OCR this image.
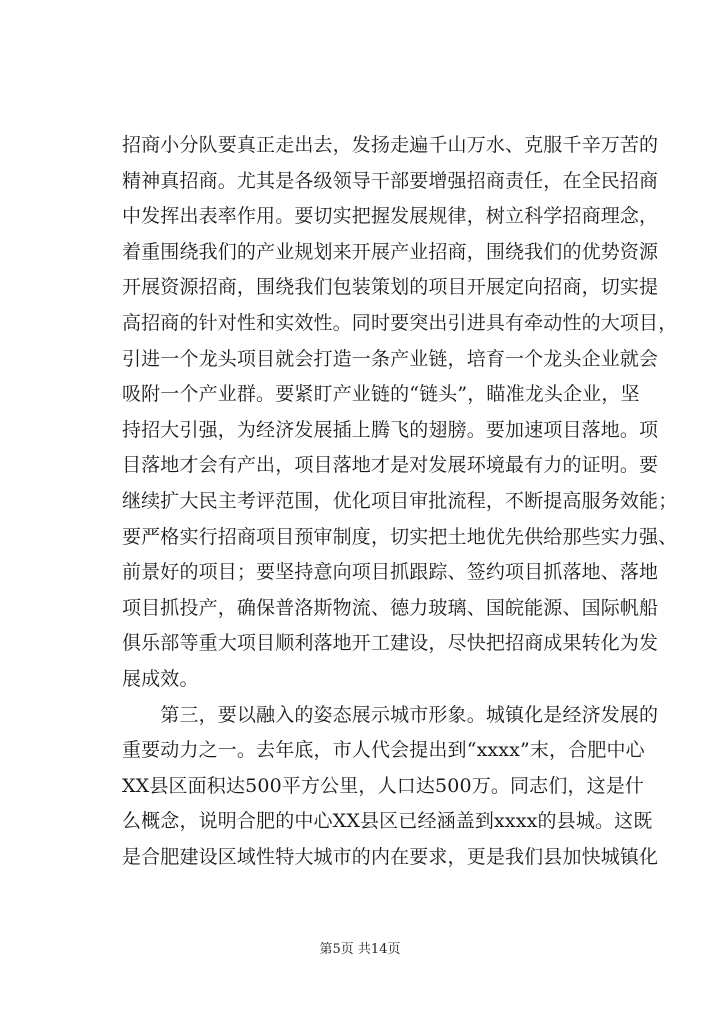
招商小分队要真正走出去，发扬走遍千山万水、克服千辛万苦的
精神真招商。尤其是各级领导干部要增强招商责任，在全民招商
中发挥出表率作用。要切实把握发展规律，树立科学招商理念，
着重围绕我们的产业规划来开展产业招商，围绕我们的优势资源
开展资源招商，围绕我们包装策划的项目开展定向招商，切实提
高招商的针对性和实效性。同时要突出引进具有牵动性的大项目，
引进一个龙头项目就会打造一条产业链，培育一个龙头企业就会
吸附一个产业群。要紧盯产业链的“链头”，瞄准龙头企业，坚
持招大引强，为经济发展插上腾飞的翅膀。要加速项目落地。项
目落地才会有产出，项目落地才是对发展环境最有力的证明。要
继续扩大民主考评范围，优化项目审批流程，不断提高服务效能；
要严格实行招商项目预审制度，切实把土地优先供给那些实力强、
前景好的项目；要坚持意向项目抓跟踪、签约项目抓落地、落地
项目抓投产，确保普洛斯物流、德力玻璃、国皖能源、国际帆船
俱乐部等重大项目顺利落地开工建设，尽快把招商成果转化为发
展成效。
　　第三，要以融入的姿态展示城市形象。城镇化是经济发展的
重要动力之一。去年底，市人代会提出到“xxxx”末，合肥中心
XX县区面积达500平方公里，人口达500万。同志们，这是什
么概念，说明合肥的中心XX县区已经涵盖到xxxx的县城。这既
是合肥建设区域性特大城市的内在要求，更是我们县加快城镇化
第5页 共14页
